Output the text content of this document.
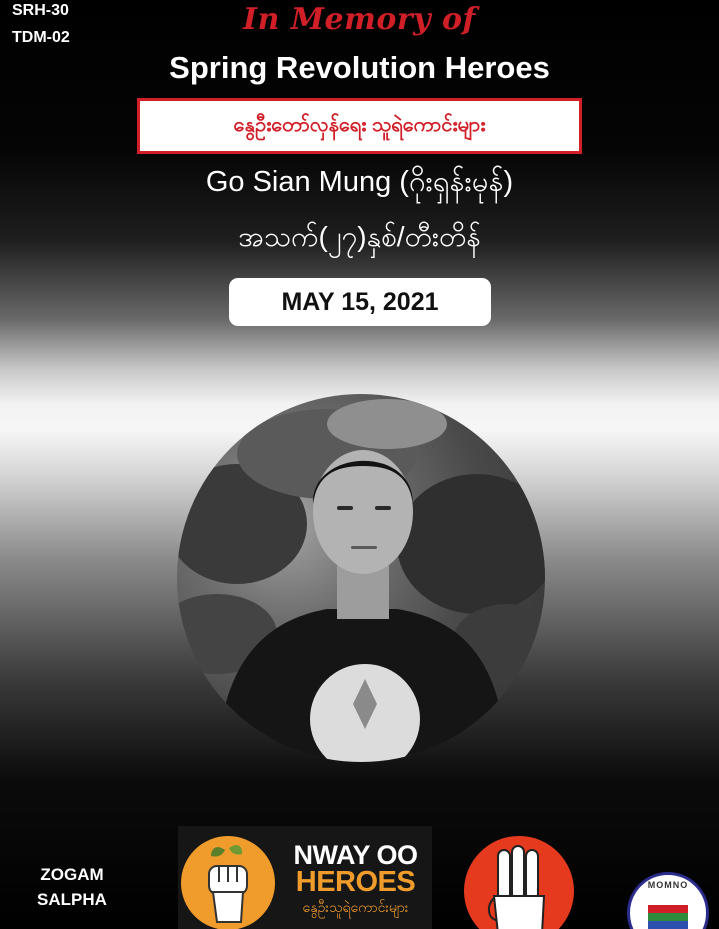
SRH-30
TDM-02
In Memory of
Spring Revolution Heroes
နွေဦးတော်လှန်ရေး သူရဲကောင်းများ
Go Sian Mung (ဂိုးရှန်းမုန်)
အသက်(၂၇)နှစ်/တီးတိန်
MAY 15, 2021
ZOGAM
SALPHA
NWAY OO
HEROES
နွေဦးသူရဲကောင်းများ
MOMNO
